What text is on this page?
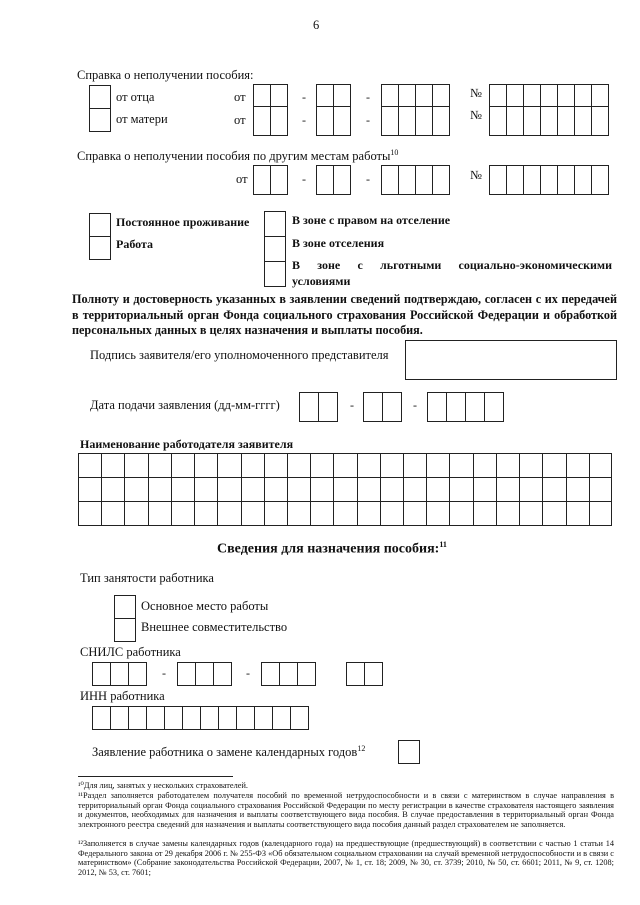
6
Справка о неполучении пособия:
от отца
от матери
от	-	-	№
от	-	-	№
Справка о неполучении пособия по другим местам работы$^{10}$
от	-	-	№
Постоянное проживание
Работа
В зоне с правом на отселение
В зоне отселения
В зоне с льготными социально-экономическими условиями
Полноту и достоверность указанных в заявлении сведений подтверждаю, согласен с их передачей в территориальный орган Фонда социального страхования Российской Федерации и обработкой персональных данных в целях назначения и выплаты пособия.
Подпись заявителя/его уполномоченного представителя
Дата подачи заявления (дд-мм-гггг)	-	-
Наименование работодателя заявителя
Сведения для назначения пособия:$^{11}$
Тип занятости работника
Основное место работы
Внешнее совместительство
СНИЛС работника
-	-
ИНН работника
Заявление работника о замене календарных годов$^{12}$
¹⁰Для лиц, занятых у нескольких страхователей.
¹¹Раздел заполняется работодателем получателя пособий по временной нетрудоспособности и в связи с материнством в случае направления в территориальный орган Фонда социального страхования Российской Федерации по месту регистрации в качестве страхователя настоящего заявления и документов, необходимых для назначения и выплаты соответствующего вида пособия. В случае предоставления в территориальный орган Фонда электронного реестра сведений для назначения и выплаты соответствующего вида пособия данный раздел страхователем не заполняется.
¹²Заполняется в случае замены календарных годов (календарного года) на предшествующие (предшествующий) в соответствии с частью 1 статьи 14 Федерального закона от 29 декабря 2006 г. № 255-ФЗ «Об обязательном социальном страховании на случай временной нетрудоспособности и в связи с материнством» (Собрание законодательства Российской Федерации, 2007, № 1, ст. 18; 2009, № 30, ст. 3739; 2010, № 50, ст. 6601; 2011, № 9, ст. 1208; 2012, № 53, ст. 7601;
